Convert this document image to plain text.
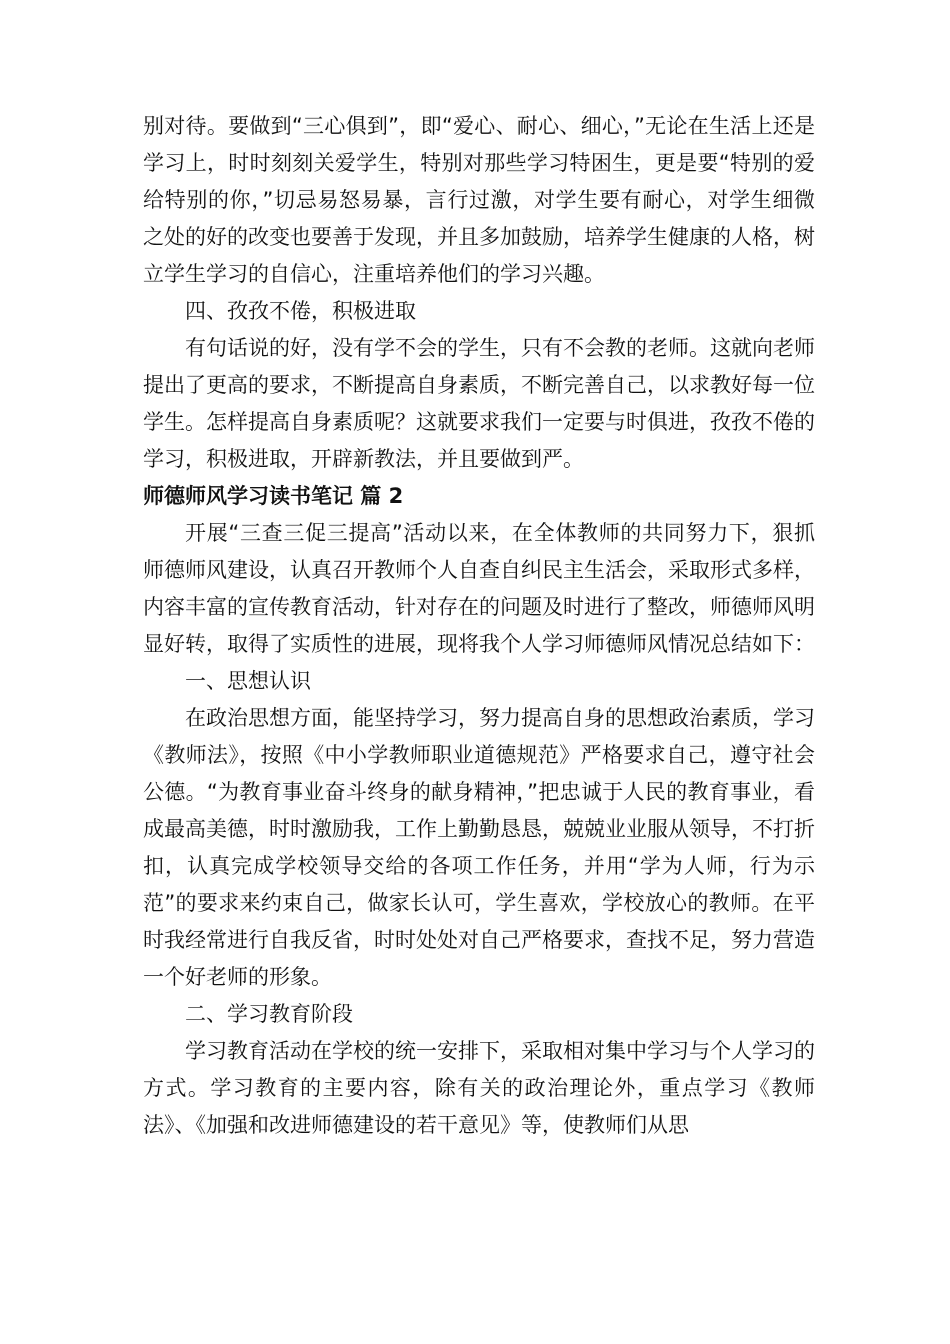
别对待。要做到“三心俱到”，即“爱心、耐心、细心，”无论在生活上还是学习上，时时刻刻关爱学生，特别对那些学习特困生，更是要“特别的爱给特别的你，”切忌易怒易暴，言行过激，对学生要有耐心，对学生细微之处的好的改变也要善于发现，并且多加鼓励，培养学生健康的人格，树立学生学习的自信心，注重培养他们的学习兴趣。

四、孜孜不倦，积极进取

有句话说的好，没有学不会的学生，只有不会教的老师。这就向老师提出了更高的要求，不断提高自身素质，不断完善自己，以求教好每一位学生。怎样提高自身素质呢？这就要求我们一定要与时俱进，孜孜不倦的学习，积极进取，开辟新教法，并且要做到严。

师德师风学习读书笔记 篇 2

开展“三查三促三提高”活动以来，在全体教师的共同努力下，狠抓师德师风建设，认真召开教师个人自查自纠民主生活会，采取形式多样，内容丰富的宣传教育活动，针对存在的问题及时进行了整改，师德师风明显好转，取得了实质性的进展，现将我个人学习师德师风情况总结如下：

一、思想认识

在政治思想方面，能坚持学习，努力提高自身的思想政治素质，学习《教师法》，按照《中小学教师职业道德规范》严格要求自己，遵守社会公德。“为教育事业奋斗终身的献身精神，”把忠诚于人民的教育事业，看成最高美德，时时激励我，工作上勤勤恳恳，兢兢业业服从领导，不打折扣，认真完成学校领导交给的各项工作任务，并用“学为人师，行为示范”的要求来约束自己，做家长认可，学生喜欢，学校放心的教师。在平时我经常进行自我反省，时时处处对自己严格要求，查找不足，努力营造一个好老师的形象。

二、学习教育阶段

学习教育活动在学校的统一安排下，采取相对集中学习与个人学习的方式。学习教育的主要内容，除有关的政治理论外，重点学习《教师法》、《加强和改进师德建设的若干意见》等，使教师们从思
